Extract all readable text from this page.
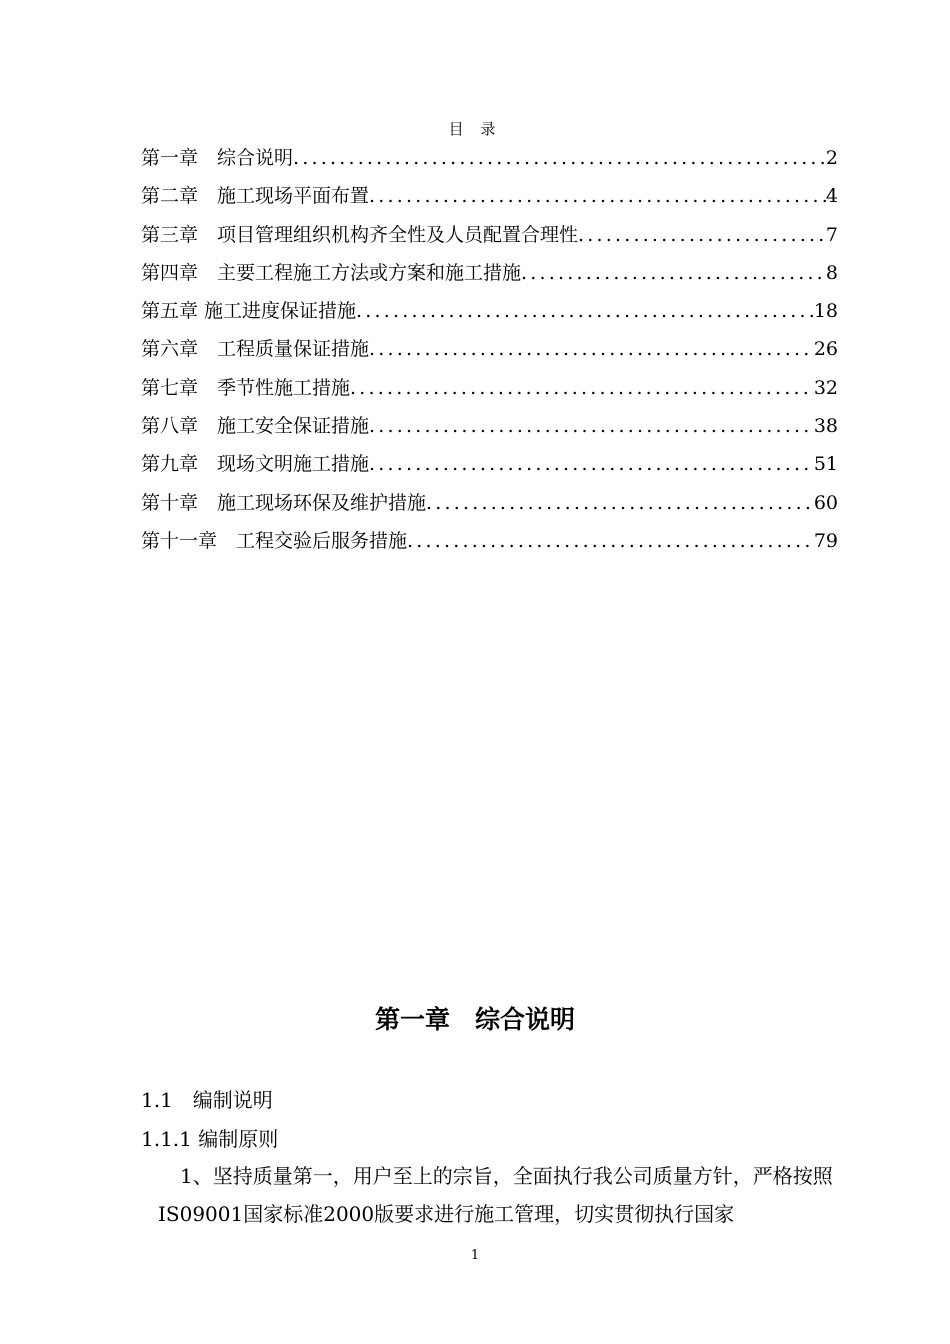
目 录
第一章　综合说明 .....	2
第二章　施工现场平面布置 .....	4
第三章　项目管理组织机构齐全性及人员配置合理性 .....	7
第四章　主要工程施工方法或方案和施工措施 .....	8
第五章 施工进度保证措施 .....	18
第六章　工程质量保证措施 .....	26
第七章　季节性施工措施 .....	32
第八章　施工安全保证措施 .....	38
第九章　现场文明施工措施 .....	51
第十章　施工现场环保及维护措施 .....	60
第十一章　工程交验后服务措施 .....	79
第一章　综合说明
1.1　编制说明
1.1.1 编制原则
1、坚持质量第一，用户至上的宗旨，全面执行我公司质量方针，严格按照IS09001国家标准2000版要求进行施工管理，切实贯彻执行国家
1
